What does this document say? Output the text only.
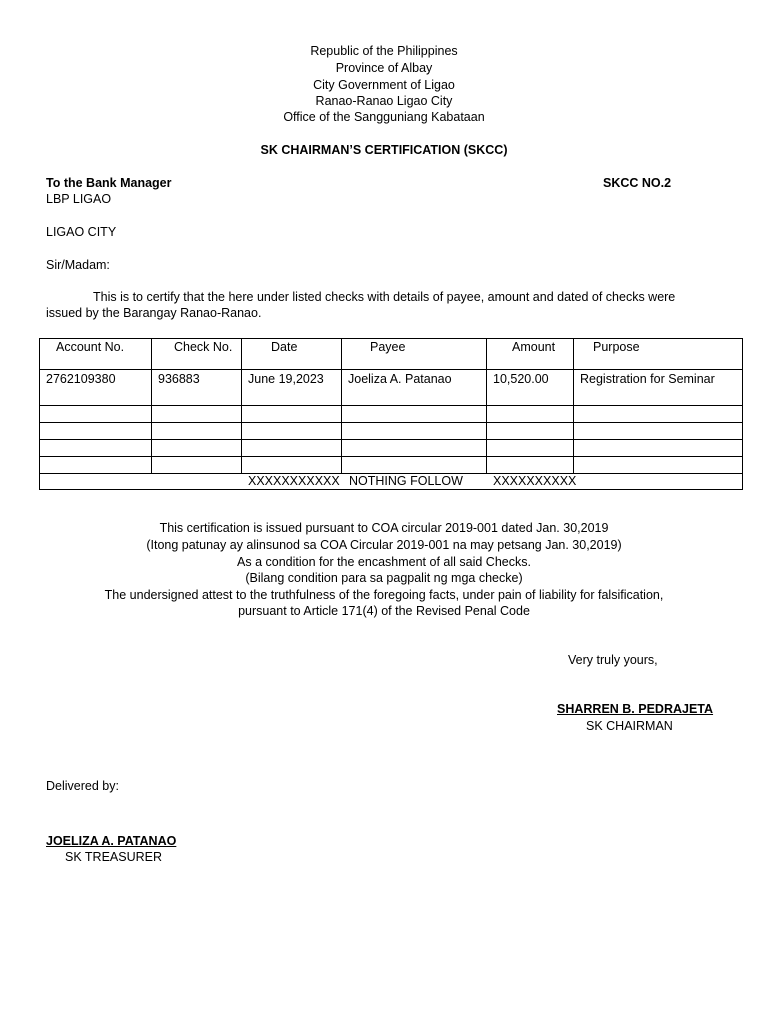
Republic of the Philippines
Province of Albay
City Government of Ligao
Ranao-Ranao Ligao City
Office of the Sangguniang Kabataan
SK CHAIRMAN’S CERTIFICATION (SKCC)
To the Bank Manager	SKCC NO.2
LBP LIGAO
LIGAO CITY
Sir/Madam:
This is to certify that the here under listed checks with details of payee, amount and dated of checks were
issued by the Barangay Ranao-Ranao.
Account No.	Check No.	Date	Payee	Amount	Purpose
2762109380	936883	June 19,2023	Joeliza A. Patanao	10,520.00	Registration for Seminar

XXXXXXXXXXX NOTHING FOLLOW XXXXXXXXXX					
This certification is issued pursuant to COA circular 2019-001 dated Jan. 30,2019
(Itong patunay ay alinsunod sa COA Circular 2019-001 na may petsang Jan. 30,2019)
As a condition for the encashment of all said Checks.
(Bilang condition para sa pagpalit ng mga checke)
The undersigned attest to the truthfulness of the foregoing facts, under pain of liability for falsification,
pursuant to Article 171(4) of the Revised Penal Code
Very truly yours,
SHARREN B. PEDRAJETA
SK CHAIRMAN
Delivered by:
JOELIZA A. PATANAO
SK TREASURER
